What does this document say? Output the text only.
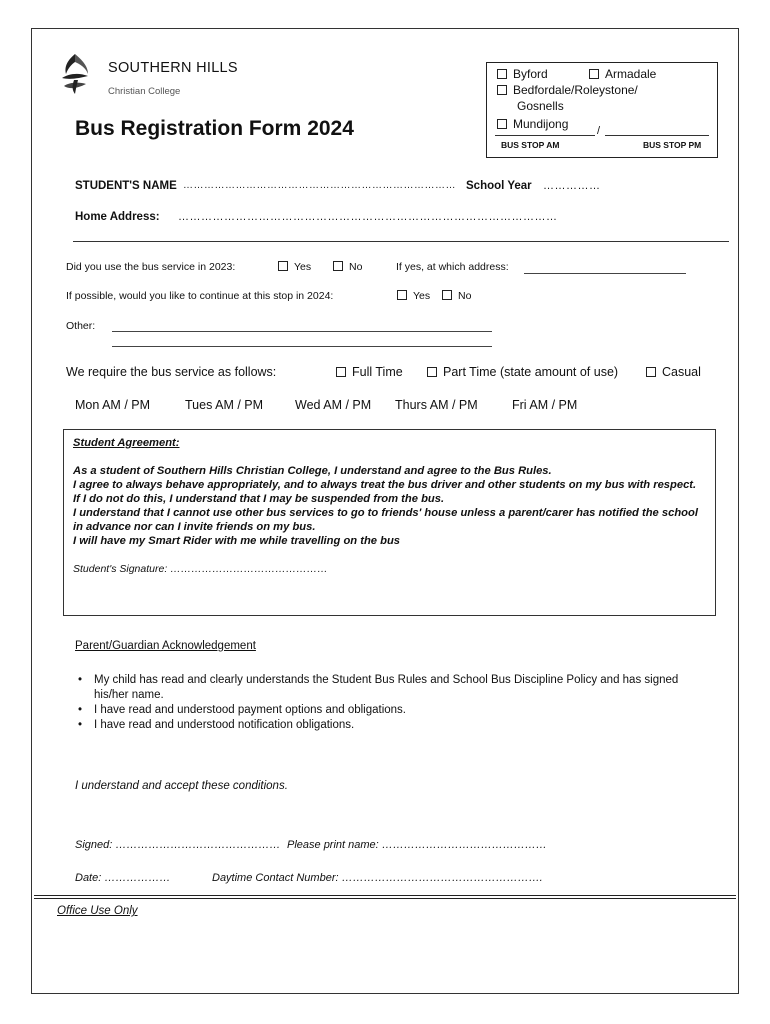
SOUTHERN HILLS
Christian College
Bus Registration Form 2024
Byford	Armadale
Bedfordale/Roleystone/
Gosnells
Mundijong	/
BUS STOP AM	BUS STOP PM
STUDENT'S NAME …………………………………………………………………… School Year ……………
Home Address: ………………………………………………………………………………………
Did you use the bus service in 2023:	Yes	No	If yes, at which address:
If possible, would you like to continue at this stop in 2024:	Yes	No
Other:
We require the bus service as follows:	Full Time	Part Time (state amount of use)	Casual
Mon AM / PM	Tues AM / PM	Wed AM / PM Thurs AM / PM	Fri AM / PM

Student Agreement:

As a student of Southern Hills Christian College, I understand and agree to the Bus Rules.

I agree to always behave appropriately, and to always treat the bus driver and other students on my bus with respect.

If I do not do this, I understand that I may be suspended from the bus.

I understand that I cannot use other bus services to go to friends' house unless a parent/carer has notified the school in advance nor can I invite friends on my bus.

I will have my Smart Rider with me while travelling on the bus

Student's Signature: ………………………………………

Parent/Guardian Acknowledgement
• My child has read and clearly understands the Student Bus Rules and School Bus Discipline Policy and has signed his/her name.
• I have read and understood payment options and obligations.
• I have read and understood notification obligations.
I understand and accept these conditions.
Signed: ……………………………………… Please print name: ………………………………………
Date: ………………	Daytime Contact Number: ……………………………………………….
Office Use Only
